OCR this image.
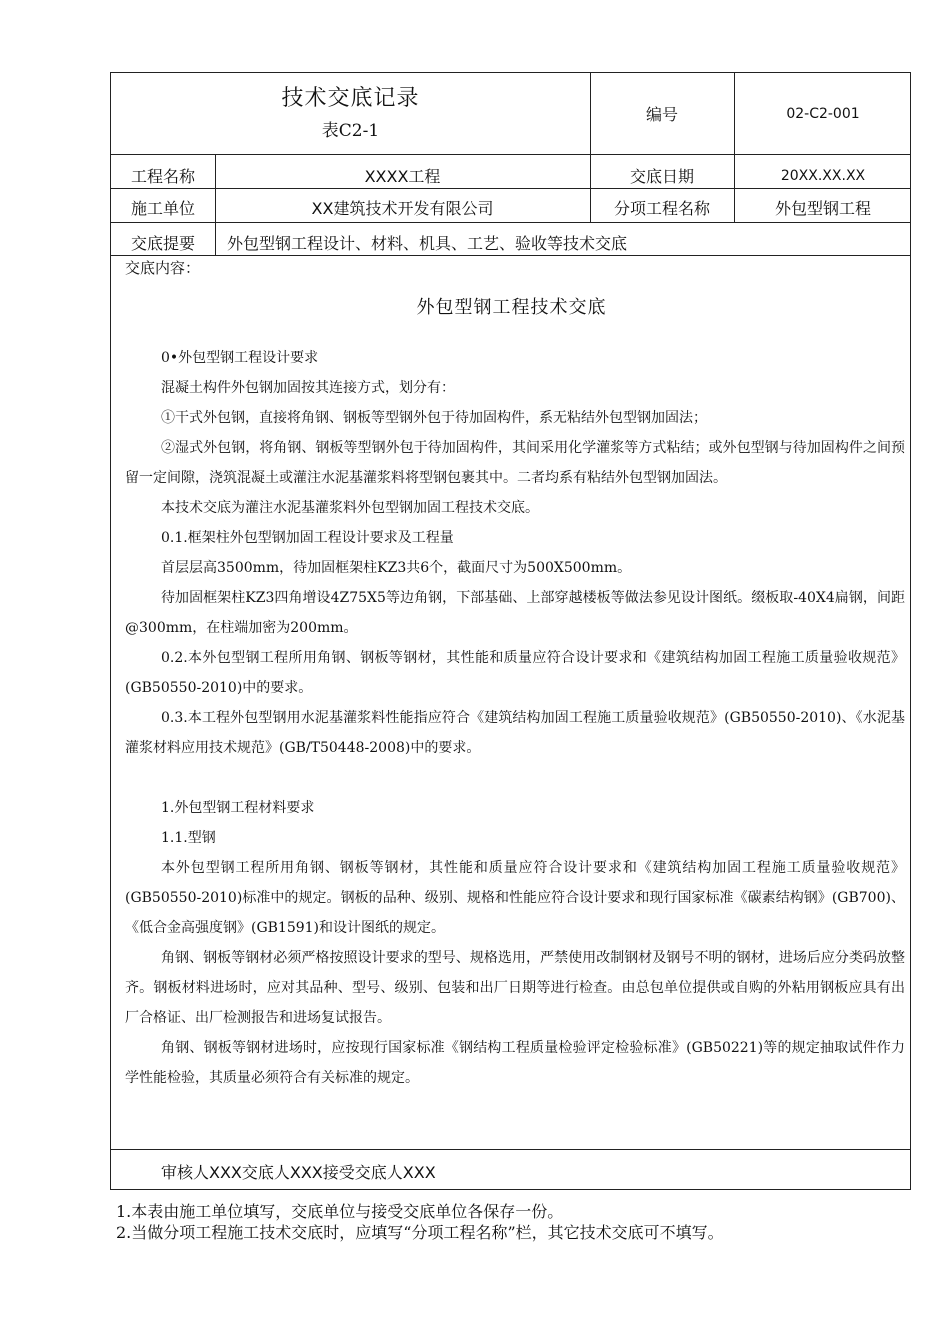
技术交底记录
表C2-1
编号	02-C2-001
工程名称	XXXX工程	交底日期	20XX.XX.XX
施工单位	XX建筑技术开发有限公司	分项工程名称	外包型钢工程
交底提要	外包型钢工程设计、材料、机具、工艺、验收等技术交底
交底内容：
外包型钢工程技术交底

0•外包型钢工程设计要求

混凝土构件外包钢加固按其连接方式，划分有：

①干式外包钢，直接将角钢、钢板等型钢外包于待加固构件，系无粘结外包型钢加固法；

②湿式外包钢，将角钢、钢板等型钢外包于待加固构件，其间采用化学灌浆等方式粘结；或外包型钢与待加固构件之间预留一定间隙，浇筑混凝土或灌注水泥基灌浆料将型钢包裹其中。二者均系有粘结外包型钢加固法。

本技术交底为灌注水泥基灌浆料外包型钢加固工程技术交底。

0.1.框架柱外包型钢加固工程设计要求及工程量

首层层高3500mm，待加固框架柱KZ3共6个，截面尺寸为500X500mm。

待加固框架柱KZ3四角增设4Z75X5等边角钢，下部基础、上部穿越楼板等做法参见设计图纸。缀板取-40X4扁钢，间距@300mm，在柱端加密为200mm。

0.2.本外包型钢工程所用角钢、钢板等钢材，其性能和质量应符合设计要求和《建筑结构加固工程施工质量验收规范》(GB50550-2010)中的要求。

0.3.本工程外包型钢用水泥基灌浆料性能指应符合《建筑结构加固工程施工质量验收规范》(GB50550-2010)、《水泥基灌浆材料应用技术规范》(GB/T50448-2008)中的要求。

1.外包型钢工程材料要求

1.1.型钢

本外包型钢工程所用角钢、钢板等钢材，其性能和质量应符合设计要求和《建筑结构加固工程施工质量验收规范》(GB50550-2010)标准中的规定。钢板的品种、级别、规格和性能应符合设计要求和现行国家标准《碳素结构钢》(GB700)、《低合金高强度钢》(GB1591)和设计图纸的规定。

角钢、钢板等钢材必须严格按照设计要求的型号、规格选用，严禁使用改制钢材及钢号不明的钢材，进场后应分类码放整齐。钢板材料进场时，应对其品种、型号、级别、包装和出厂日期等进行检查。由总包单位提供或自购的外粘用钢板应具有出厂合格证、出厂检测报告和进场复试报告。

角钢、钢板等钢材进场时，应按现行国家标准《钢结构工程质量检验评定检验标准》(GB50221)等的规定抽取试件作力学性能检验，其质量必须符合有关标准的规定。

审核人XXX交底人XXX接受交底人XXX
1.本表由施工单位填写，交底单位与接受交底单位各保存一份。
2.当做分项工程施工技术交底时，应填写“分项工程名称”栏，其它技术交底可不填写。
